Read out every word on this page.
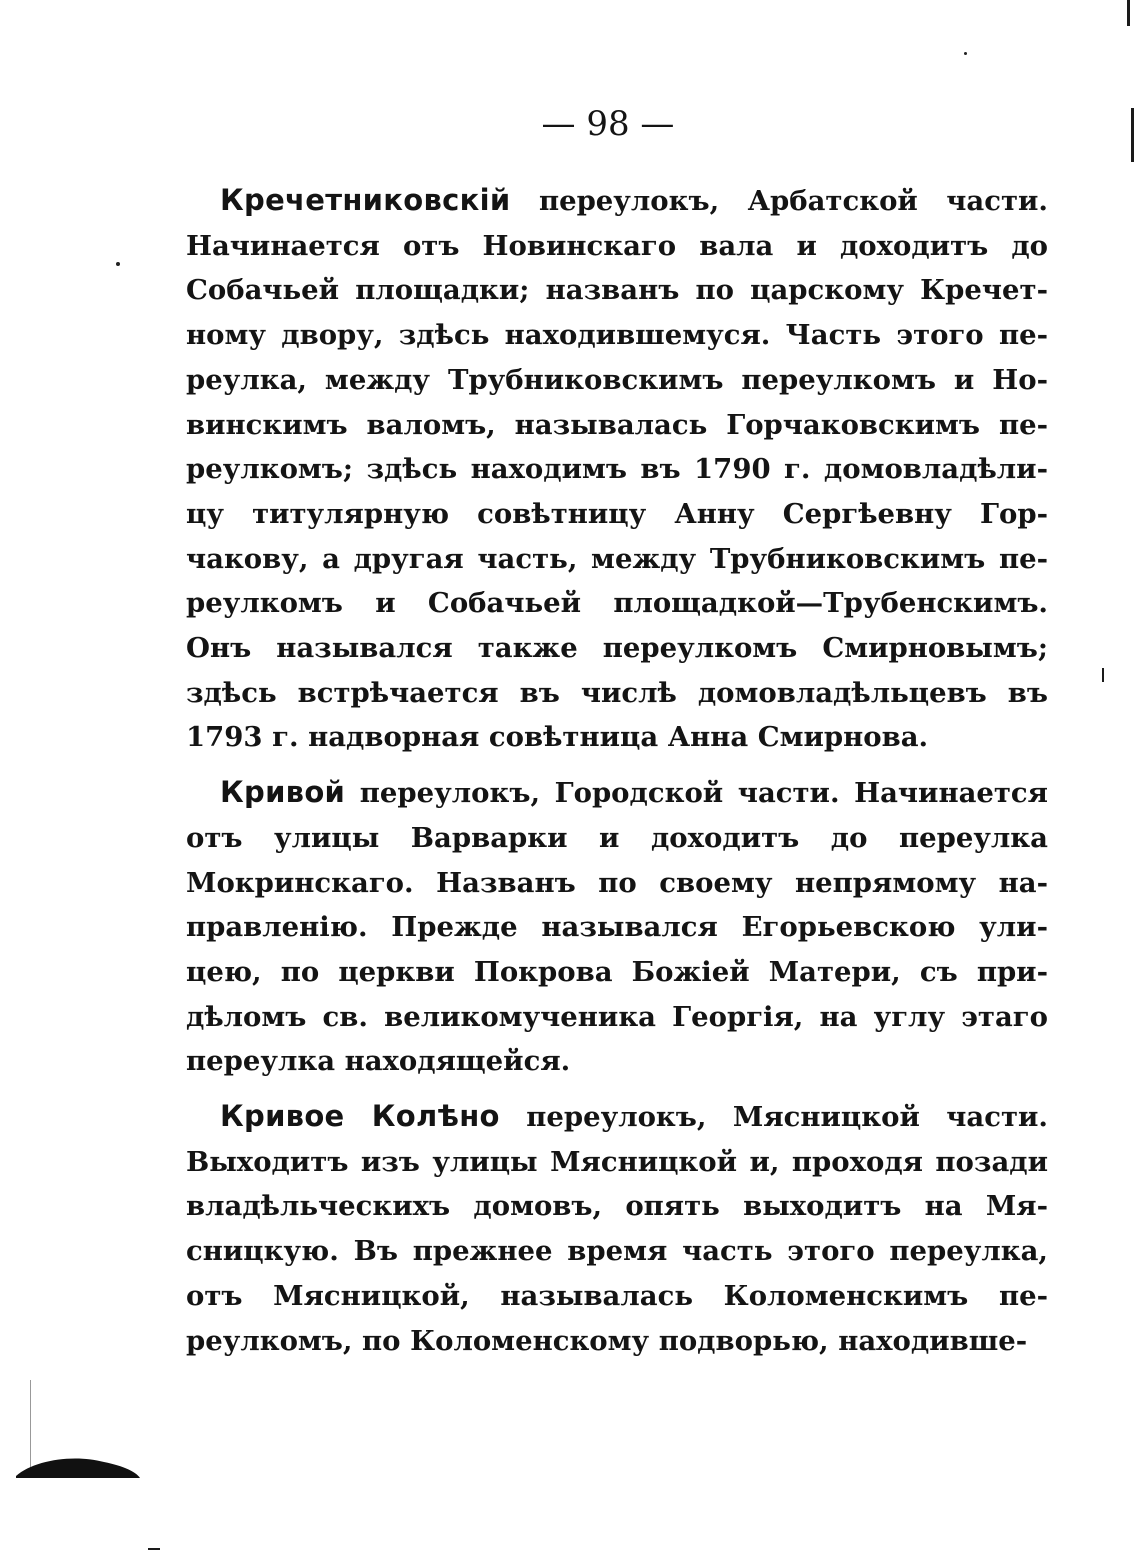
— 98 —

Кречетниковскій переулокъ, Арбатской части. Начинается отъ Новинскаго вала и доходитъ до Собачьей площадки; названъ по царскому Кречетному двору, здѣсь находившемуся. Часть этого переулка, между Трубниковскимъ переулкомъ и Новинскимъ валомъ, называлась Горчаковскимъ переулкомъ; здѣсь находимъ въ 1790 г. домовладѣлицу титулярную совѣтницу Анну Сергѣевну Горчакову, а другая часть, между Трубниковскимъ переулкомъ и Собачьей площадкой—Трубенскимъ. Онъ назывался также переулкомъ Смирновымъ; здѣсь встрѣчается въ числѣ домовладѣльцевъ въ 1793 г. надворная совѣтница Анна Смирнова.

Кривой переулокъ, Городской части. Начинается отъ улицы Варварки и доходитъ до переулка Мокринскаго. Названъ по своему непрямому направленію. Прежде назывался Егорьевскою улицею, по церкви Покрова Божіей Матери, съ придѣломъ св. великомученика Георгія, на углу этаго переулка находящейся.

Кривое Колѣно переулокъ, Мясницкой части. Выходитъ изъ улицы Мясницкой и, проходя позади владѣльческихъ домовъ, опять выходитъ на Мясницкую. Въ прежнее время часть этого переулка, отъ Мясницкой, называлась Коломенскимъ переулкомъ, по Коломенскому подворью, находивше-
